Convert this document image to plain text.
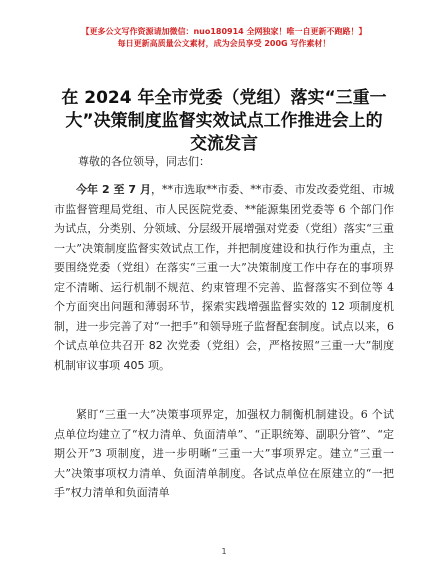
【更多公文写作资源请加微信：nuo180914 全网独家！唯一自更新不跑路！】
每日更新高质量公文素材，成为会员享受 200G 写作素材！
在 2024 年全市党委（党组）落实“三重一大”决策制度监督实效试点工作推进会上的交流发言
尊敬的各位领导，同志们：
今年 2 至 7 月，**市选取**市委、**市委、市发改委党组、市城市监督管理局党组、市人民医院党委、**能源集团党委等 6 个部门作为试点，分类别、分领域、分层级开展增强对党委（党组）落实“三重一大”决策制度监督实效试点工作，并把制度建设和执行作为重点，主要围绕党委（党组）在落实“三重一大”决策制度工作中存在的事项界定不清晰、运行机制不规范、约束管理不完善、监督落实不到位等 4 个方面突出问题和薄弱环节，探索实践增强监督实效的 12 项制度机制，进一步完善了对“一把手”和领导班子监督配套制度。试点以来，6 个试点单位共召开 82 次党委（党组）会，严格按照“三重一大”制度机制审议事项 405 项。
紧盯“三重一大”决策事项界定，加强权力制衡机制建设。6 个试点单位均建立了“权力清单、负面清单”、“正职统筹、副职分管”、“定期公开”3 项制度，进一步明晰“三重一大”事项界定。建立“三重一大”决策事项权力清单、负面清单制度。各试点单位在原建立的“一把手”权力清单和负面清单
1
